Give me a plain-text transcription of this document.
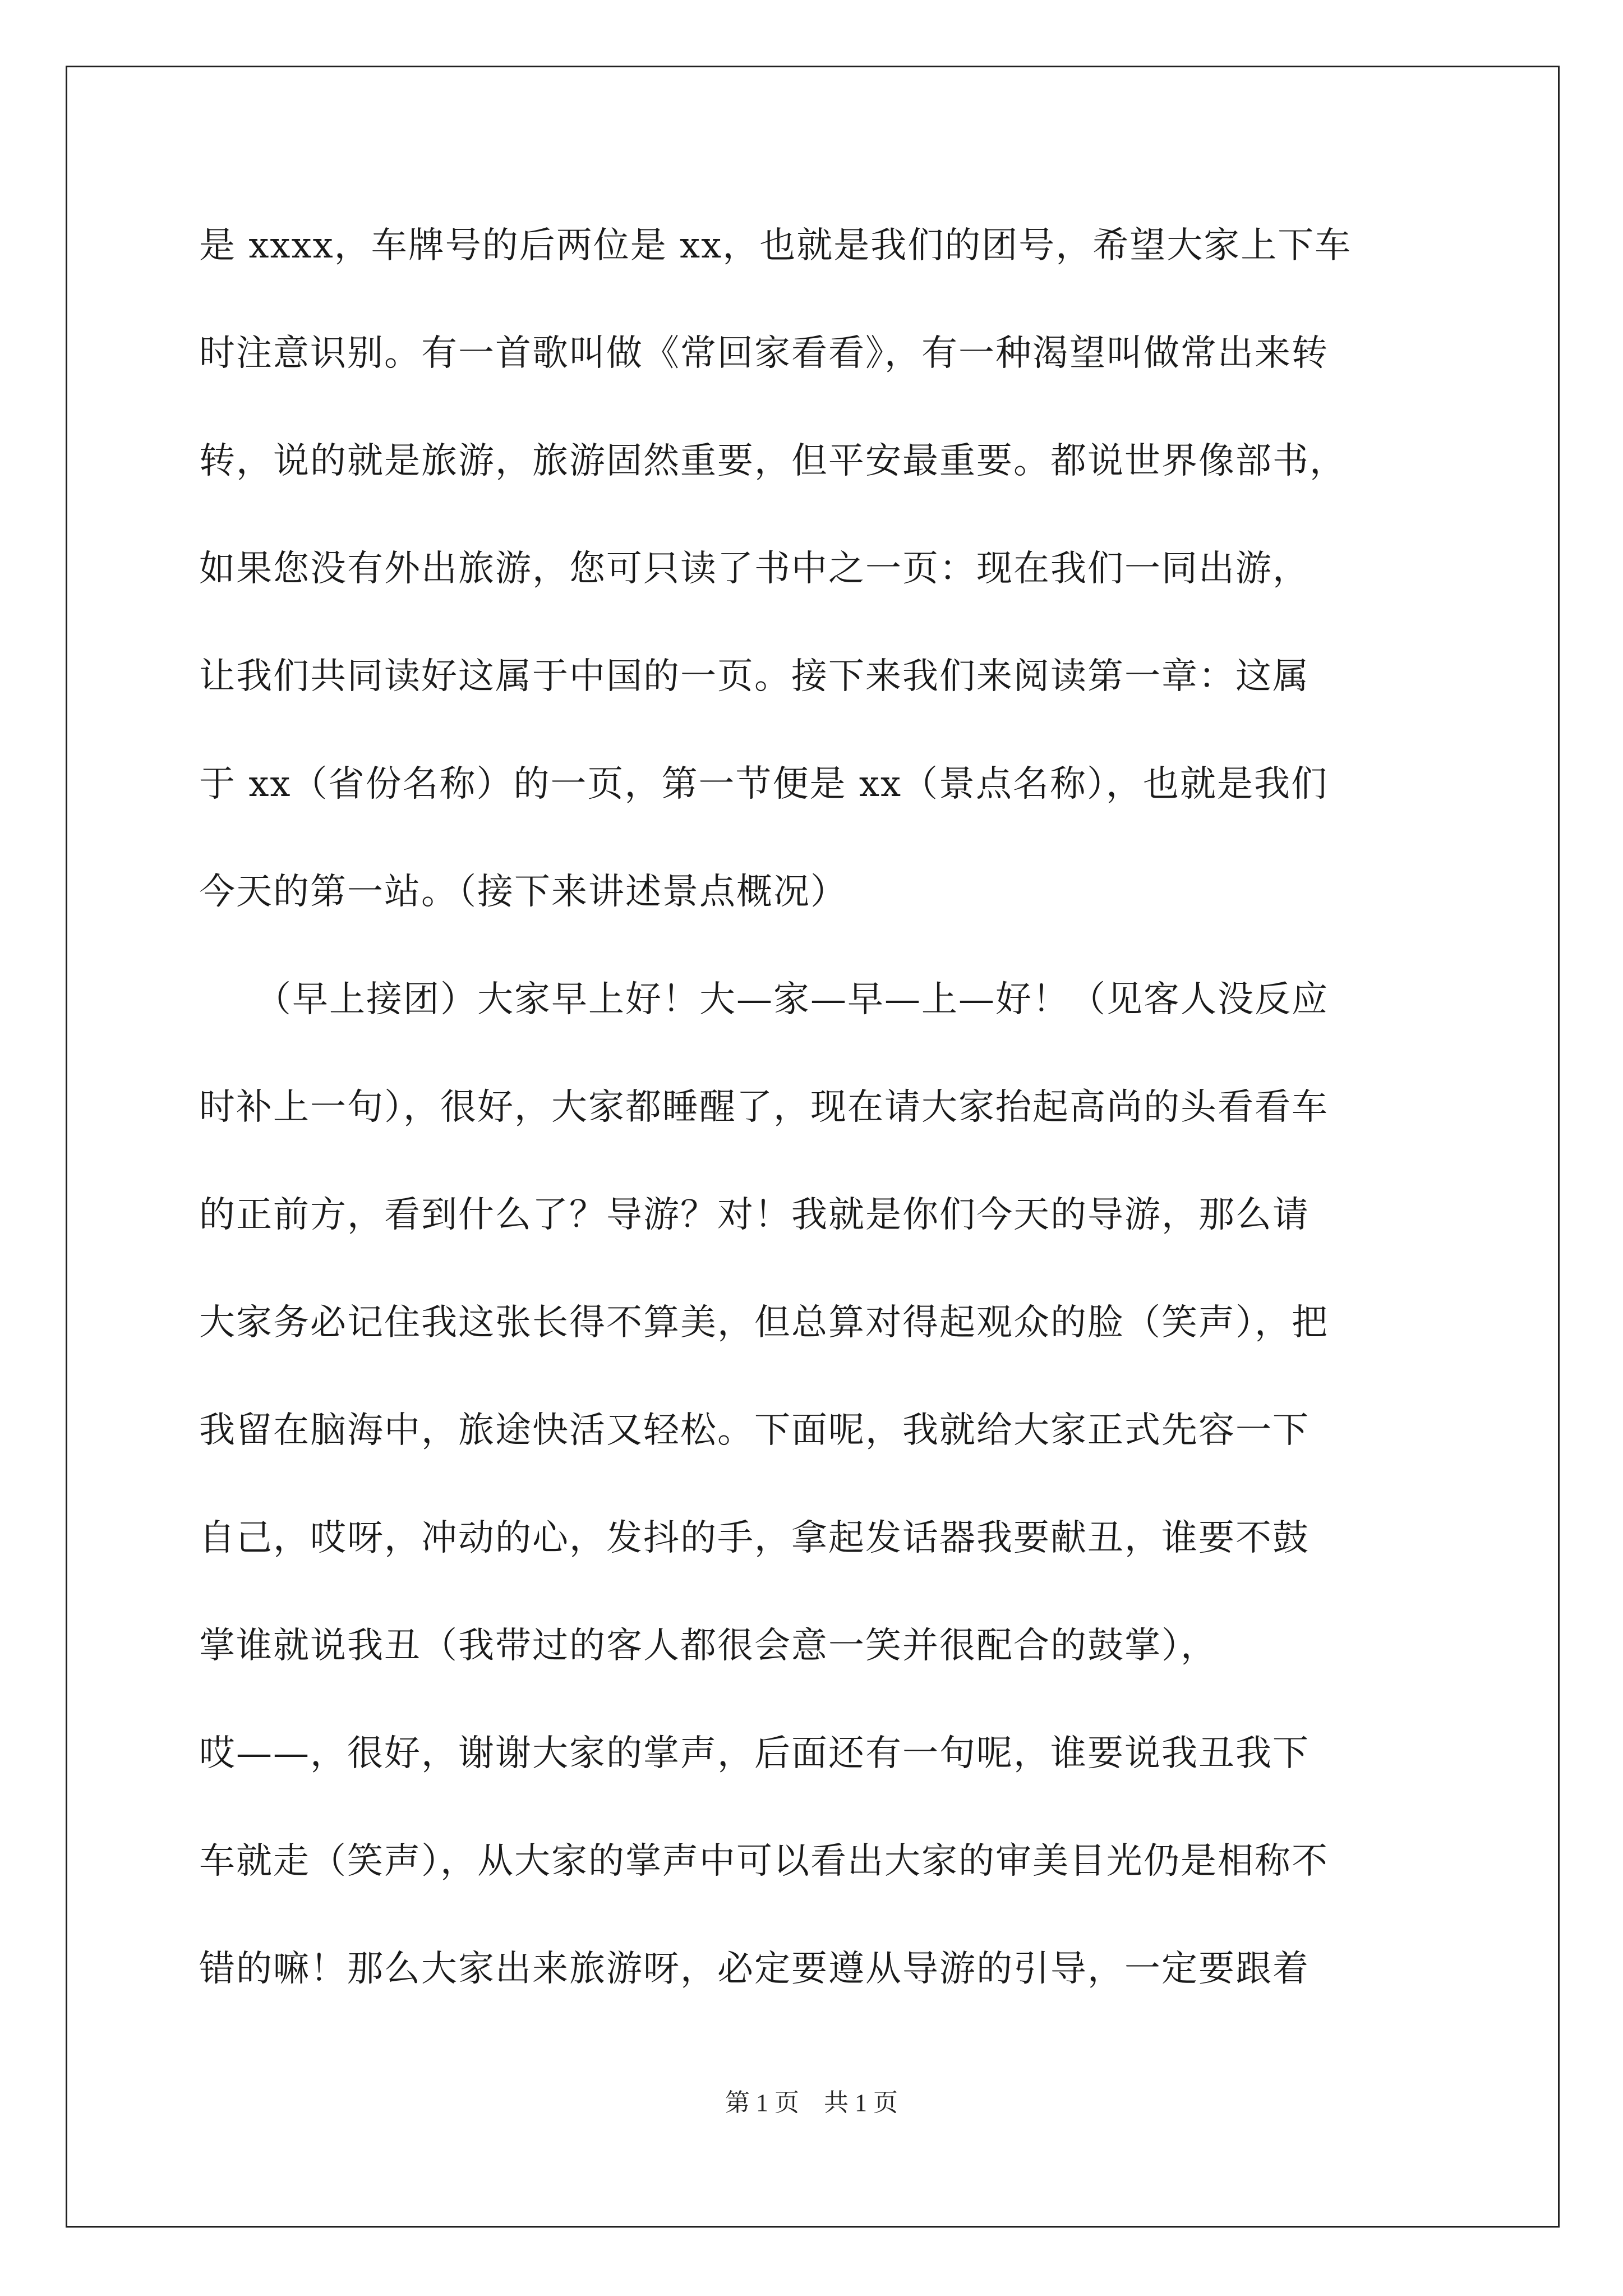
是 xxxx，车牌号的后两位是 xx，也就是我们的团号，希望大家上下车
时注意识别。有一首歌叫做《常回家看看》，有一种渴望叫做常出来转
转，说的就是旅游，旅游固然重要，但平安最重要。都说世界像部书，
如果您没有外出旅游，您可只读了书中之一页：现在我们一同出游，
让我们共同读好这属于中国的一页。接下来我们来阅读第一章：这属
于 xx（省份名称）的一页，第一节便是 xx（景点名称），也就是我们
今天的第一站。（接下来讲述景点概况）
　　（早上接团）大家早上好！大—家—早—上—好！（见客人没反应
时补上一句），很好，大家都睡醒了，现在请大家抬起高尚的头看看车
的正前方，看到什么了？导游？对！我就是你们今天的导游，那么请
大家务必记住我这张长得不算美，但总算对得起观众的脸（笑声），把
我留在脑海中，旅途快活又轻松。下面呢，我就给大家正式先容一下
自己，哎呀，冲动的心，发抖的手，拿起发话器我要献丑，谁要不鼓
掌谁就说我丑（我带过的客人都很会意一笑并很配合的鼓掌），
哎——，很好，谢谢大家的掌声，后面还有一句呢，谁要说我丑我下
车就走（笑声），从大家的掌声中可以看出大家的审美目光仍是相称不
错的嘛！那么大家出来旅游呀，必定要遵从导游的引导，一定要跟着
第 1 页　共 1 页
